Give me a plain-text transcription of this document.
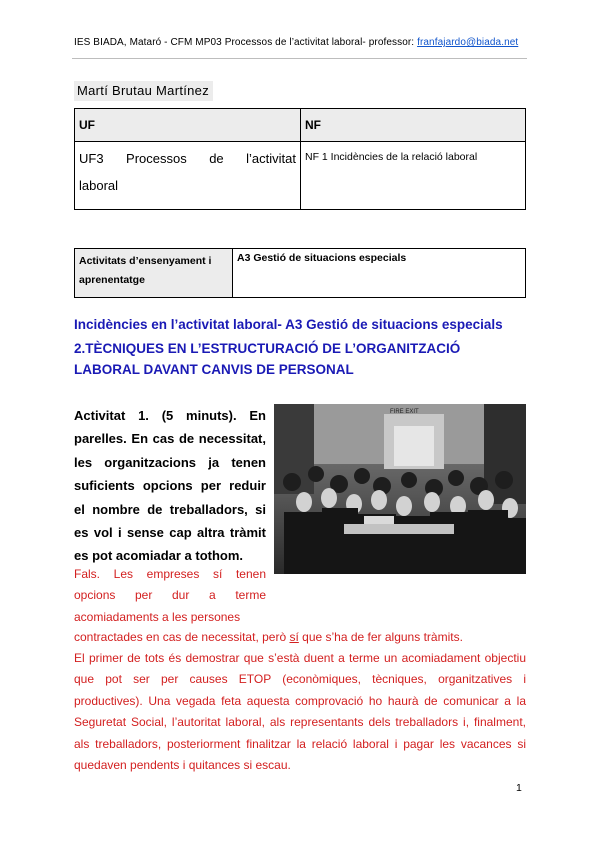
IES BIADA, Mataró - CFM MP03 Processos de l’activitat laboral- professor: franfajardo@biada.net
Martí Brutau Martínez
UF	NF
UF3 Processos de l’activitat laboral	NF 1 Incidències de la relació laboral
Activitats d’ensenyament i aprenentatge	A3 Gestió de situacions especials
Incidències en l’activitat laboral- A3 Gestió de situacions especials
2.TÈCNIQUES EN L’ESTRUCTURACIÓ DE L’ORGANITZACIÓ LABORAL DAVANT CANVIS DE PERSONAL
FIRE EXIT
Activitat 1. (5 minuts). En parelles. En cas de necessitat, les organitzacions ja tenen suficients opcions per reduir el nombre de treballadors, si es vol i sense cap altra tràmit es pot acomiadar a tothom.
Fals. Les empreses sí tenen opcions per dur a terme acomiadaments a les persones
contractades en cas de necessitat, però sí que s’ha de fer alguns tràmits.
El primer de tots és demostrar que s’està duent a terme un acomiadament objectiu que pot ser per causes ETOP (econòmiques, tècniques, organitzatives i productives). Una vegada feta aquesta comprovació ho haurà de comunicar a la Seguretat Social, l’autoritat laboral, als representants dels treballadors i, finalment, als treballadors, posteriorment finalitzar la relació laboral i pagar les vacances si quedaven pendents i quitances si escau.
1
